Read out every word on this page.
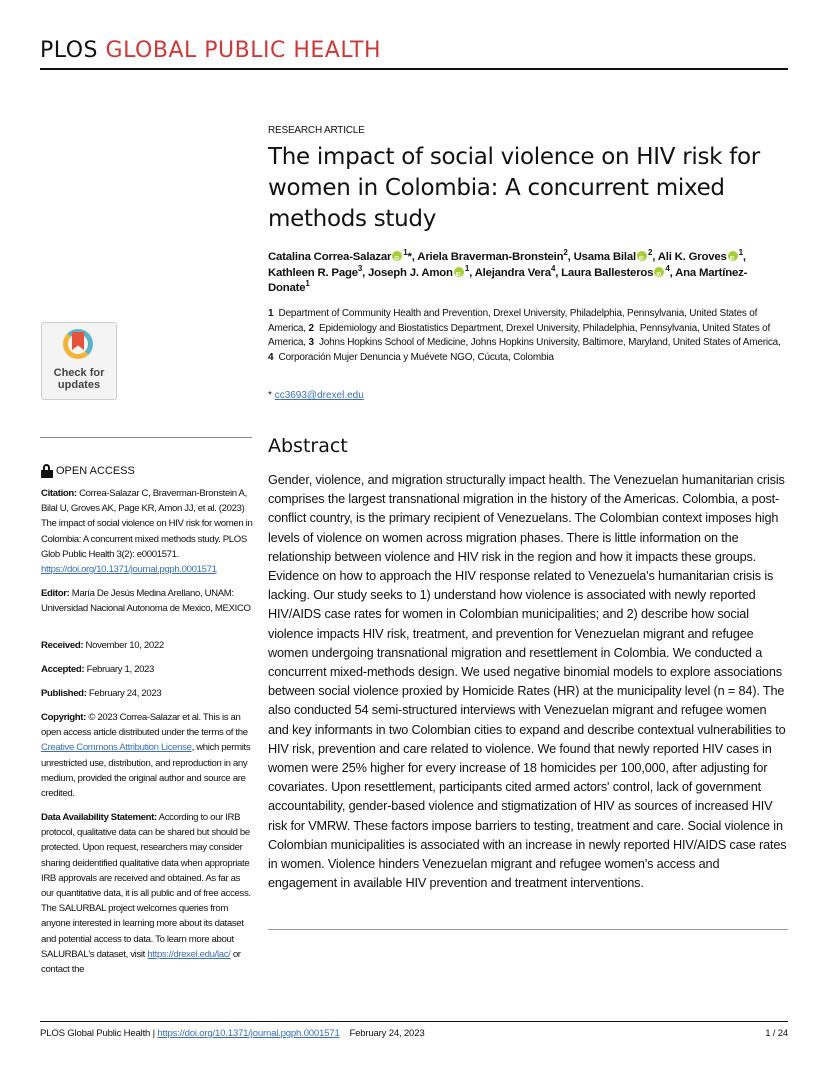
PLOS GLOBAL PUBLIC HEALTH
RESEARCH ARTICLE
The impact of social violence on HIV risk for women in Colombia: A concurrent mixed methods study
Catalina Correa-Salazar iD $^1$*, Ariela Braverman-Bronstein$^2$, Usama Bilal iD $^2$, Ali K. GrovesiD $^1$, Kathleen R. Page$^3$, Joseph J. Amon iD $^1$, Alejandra Vera$^4$, Laura Ballesteros iD $^4$, Ana Martínez-Donate$^1$
1 Department of Community Health and Prevention, Drexel University, Philadelphia, Pennsylvania, United States of America, 2 Epidemiology and Biostatistics Department, Drexel University, Philadelphia, Pennsylvania, United States of America, 3 Johns Hopkins School of Medicine, Johns Hopkins University, Baltimore, Maryland, United States of America, 4 Corporación Mujer Denuncia y Muévete NGO, Cúcuta, Colombia
* cc3693@drexel.edu
Check for
updates
OPEN ACCESS
Citation: Correa-Salazar C, Braverman-Bronstein A, Bilal U, Groves AK, Page KR, Amon JJ, et al. (2023) The impact of social violence on HIV risk for women in Colombia: A concurrent mixed methods study. PLOS Glob Public Health 3(2): e0001571. https://doi.org/10.1371/journal.pgph.0001571
Editor: María De Jesús Medina Arellano, UNAM: Universidad Nacional Autonoma de Mexico, MEXICO
Received: November 10, 2022
Accepted: February 1, 2023
Published: February 24, 2023
Copyright: © 2023 Correa-Salazar et al. This is an open access article distributed under the terms of the Creative Commons Attribution License, which permits unrestricted use, distribution, and reproduction in any medium, provided the original author and source are credited.
Data Availability Statement: According to our IRB protocol, qualitative data can be shared but should be protected. Upon request, researchers may consider sharing deidentified qualitative data when appropriate IRB approvals are received and obtained. As far as our quantitative data, it is all public and of free access. The SALURBAL project welcomes queries from anyone interested in learning more about its dataset and potential access to data. To learn more about SALURBAL's dataset, visit https://drexel.edu/lac/ or contact the
Abstract

Gender, violence, and migration structurally impact health. The Venezuelan humanitarian crisis comprises the largest transnational migration in the history of the Americas. Colombia, a post-conflict country, is the primary recipient of Venezuelans. The Colombian context imposes high levels of violence on women across migration phases. There is little information on the relationship between violence and HIV risk in the region and how it impacts these groups. Evidence on how to approach the HIV response related to Venezuela's humanitarian crisis is lacking. Our study seeks to 1) understand how violence is associated with newly reported HIV/AIDS case rates for women in Colombian municipalities; and 2) describe how social violence impacts HIV risk, treatment, and prevention for Venezuelan migrant and refugee women undergoing transnational migration and resettlement in Colombia. We conducted a concurrent mixed-methods design. We used negative binomial models to explore associations between social violence proxied by Homicide Rates (HR) at the municipality level (n = 84). The also conducted 54 semi-structured interviews with Venezuelan migrant and refugee women and key informants in two Colombian cities to expand and describe contextual vulnerabilities to HIV risk, prevention and care related to violence. We found that newly reported HIV cases in women were 25% higher for every increase of 18 homicides per 100,000, after adjusting for covariates. Upon resettlement, participants cited armed actors' control, lack of government accountability, gender-based violence and stigmatization of HIV as sources of increased HIV risk for VMRW. These factors impose barriers to testing, treatment and care. Social violence in Colombian municipalities is associated with an increase in newly reported HIV/AIDS case rates in women. Violence hinders Venezuelan migrant and refugee women's access and engagement in available HIV prevention and treatment interventions.

PLOS Global Public Health | https://doi.org/10.1371/journal.pgph.0001571 February 24, 2023	1 / 24
